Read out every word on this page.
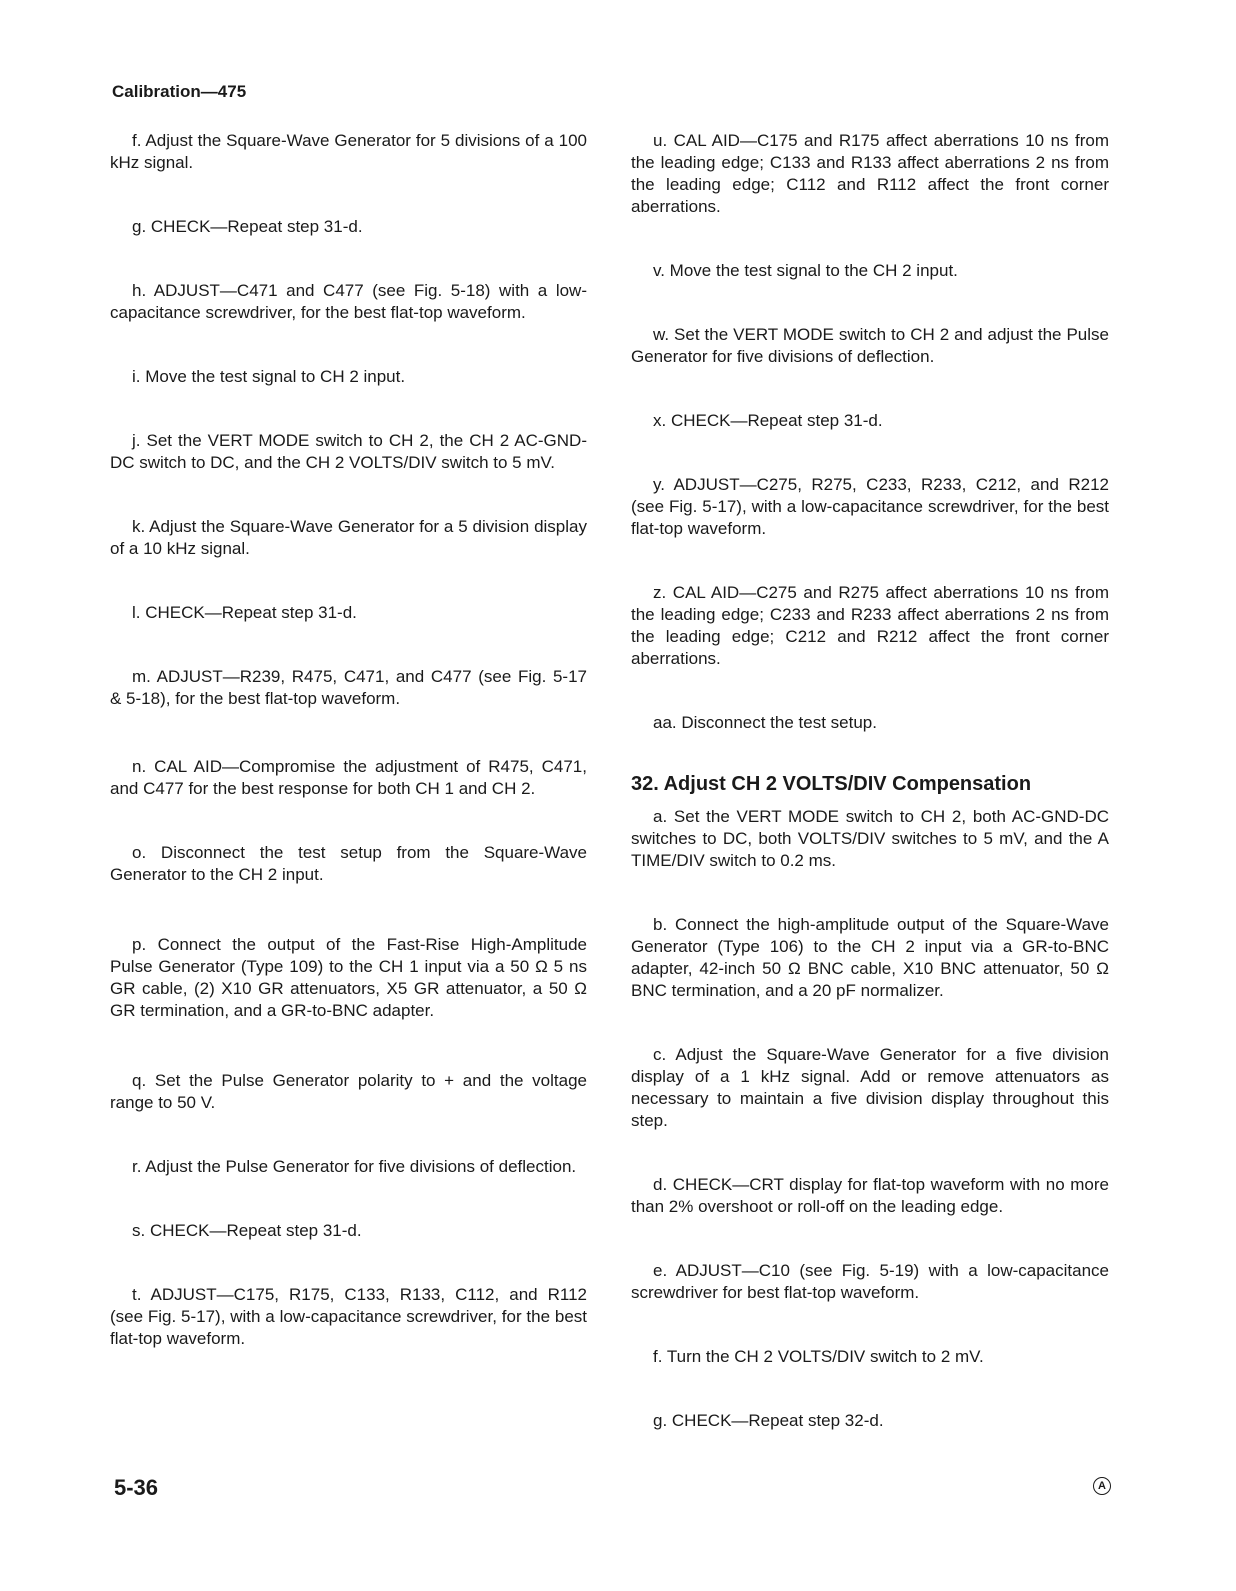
Calibration—475

f. Adjust the Square-Wave Generator for 5 divisions of a 100 kHz signal.

g. CHECK—Repeat step 31-d.

h. ADJUST—C471 and C477 (see Fig. 5-18) with a low-capacitance screwdriver, for the best flat-top waveform.

i. Move the test signal to CH 2 input.

j. Set the VERT MODE switch to CH 2, the CH 2 AC-GND-DC switch to DC, and the CH 2 VOLTS/DIV switch to 5 mV.

k. Adjust the Square-Wave Generator for a 5 division display of a 10 kHz signal.

l. CHECK—Repeat step 31-d.

m. ADJUST—R239, R475, C471, and C477 (see Fig. 5-17 & 5-18), for the best flat-top waveform.

n. CAL AID—Compromise the adjustment of R475, C471, and C477 for the best response for both CH 1 and CH 2.

o. Disconnect the test setup from the Square-Wave Generator to the CH 2 input.

p. Connect the output of the Fast-Rise High-Amplitude Pulse Generator (Type 109) to the CH 1 input via a 50 Ω 5 ns GR cable, (2) X10 GR attenuators, X5 GR attenuator, a 50 Ω GR termination, and a GR-to-BNC adapter.

q. Set the Pulse Generator polarity to + and the voltage range to 50 V.

r. Adjust the Pulse Generator for five divisions of deflection.

s. CHECK—Repeat step 31-d.

t. ADJUST—C175, R175, C133, R133, C112, and R112 (see Fig. 5-17), with a low-capacitance screwdriver, for the best flat-top waveform.

u. CAL AID—C175 and R175 affect aberrations 10 ns from the leading edge; C133 and R133 affect aberrations 2 ns from the leading edge; C112 and R112 affect the front corner aberrations.

v. Move the test signal to the CH 2 input.

w. Set the VERT MODE switch to CH 2 and adjust the Pulse Generator for five divisions of deflection.

x. CHECK—Repeat step 31-d.

y. ADJUST—C275, R275, C233, R233, C212, and R212 (see Fig. 5-17), with a low-capacitance screwdriver, for the best flat-top waveform.

z. CAL AID—C275 and R275 affect aberrations 10 ns from the leading edge; C233 and R233 affect aberrations 2 ns from the leading edge; C212 and R212 affect the front corner aberrations.

aa. Disconnect the test setup.

32. Adjust CH 2 VOLTS/DIV Compensation

a. Set the VERT MODE switch to CH 2, both AC-GND-DC switches to DC, both VOLTS/DIV switches to 5 mV, and the A TIME/DIV switch to 0.2 ms.

b. Connect the high-amplitude output of the Square-Wave Generator (Type 106) to the CH 2 input via a GR-to-BNC adapter, 42-inch 50 Ω BNC cable, X10 BNC attenuator, 50 Ω BNC termination, and a 20 pF normalizer.

c. Adjust the Square-Wave Generator for a five division display of a 1 kHz signal. Add or remove attenuators as necessary to maintain a five division display throughout this step.

d. CHECK—CRT display for flat-top waveform with no more than 2% overshoot or roll-off on the leading edge.

e. ADJUST—C10 (see Fig. 5-19) with a low-capacitance screwdriver for best flat-top waveform.

f. Turn the CH 2 VOLTS/DIV switch to 2 mV.

g. CHECK—Repeat step 32-d.

5-36	A
